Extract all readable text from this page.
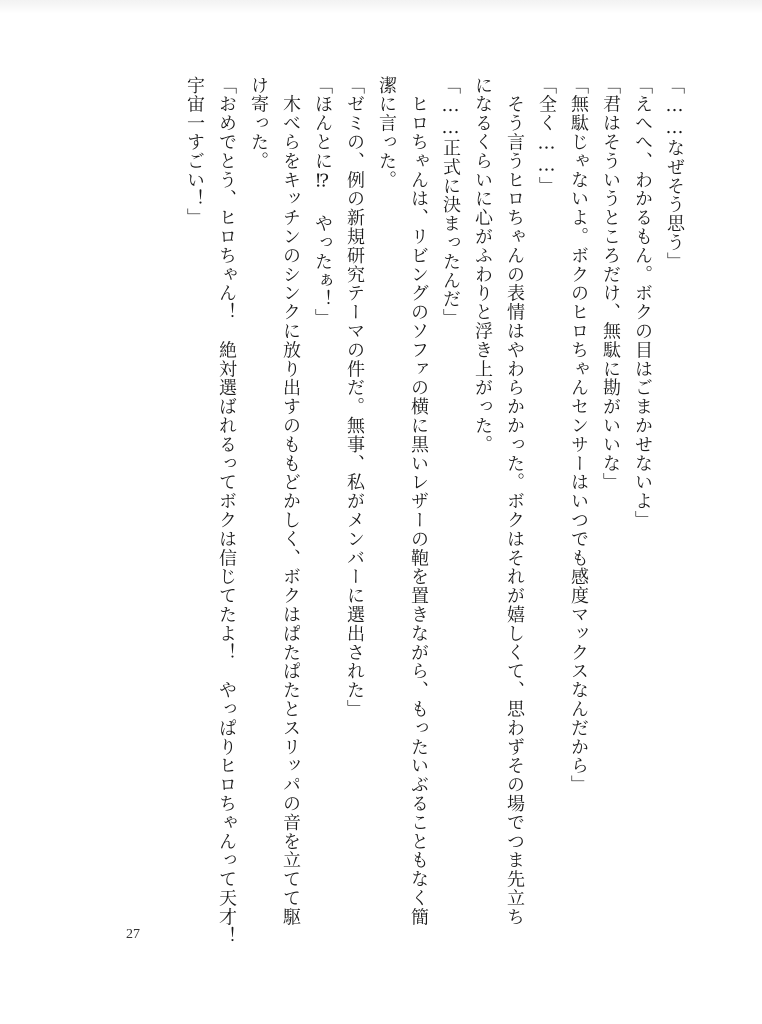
「……なぜそう思う」
「えへへ、わかるもん。ボクの目はごまかせないよ」
「君はそういうところだけ、無駄に勘がいいな」
「無駄じゃないよ。ボクのヒロちゃんセンサーはいつでも感度マックスなんだから」
「全く……」
　そう言うヒロちゃんの表情はやわらかかった。ボクはそれが嬉しくて、思わずその場でつま先立ち
になるくらいに心がふわりと浮き上がった。
「……正式に決まったんだ」
　ヒロちゃんは、リビングのソファの横に黒いレザーの鞄を置きながら、もったいぶることもなく簡
潔に言った。
「ゼミの、例の新規研究テーマの件だ。無事、私がメンバーに選出された」
「ほんとに⁉ やったぁ！」
　木べらをキッチンのシンクに放り出すのももどかしく、ボクはぱたぱたとスリッパの音を立てて駆
け寄った。
「おめでとう、ヒロちゃん！　絶対選ばれるってボクは信じてたよ！　やっぱりヒロちゃんって天才！
宇宙一すごい！」
27
